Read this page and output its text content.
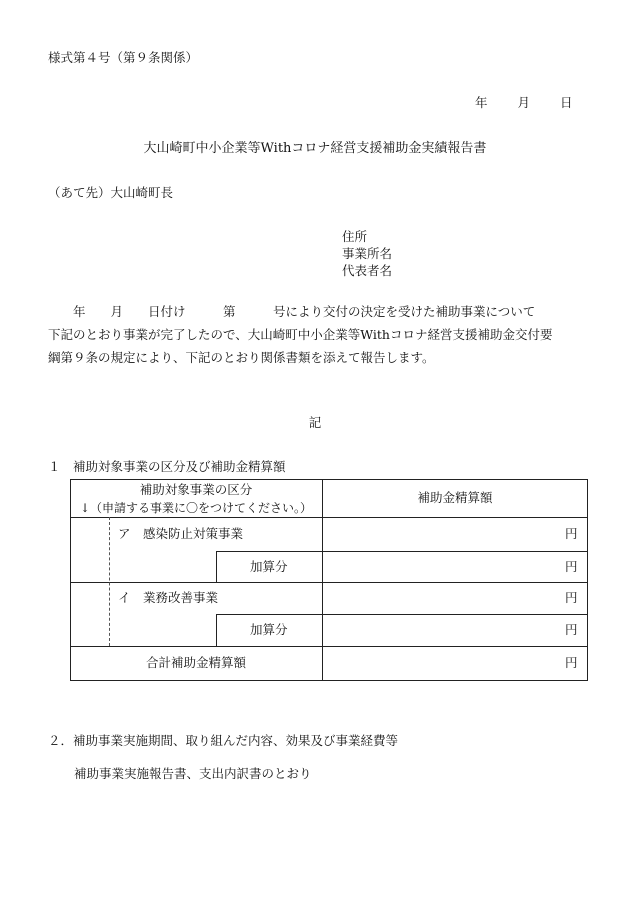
様式第４号（第９条関係）
年 月 日
大山崎町中小企業等Withコロナ経営支援補助金実績報告書
（あて先）大山崎町長
住所
事業所名
代表者名
　　年　　月　　日付け　　　第　　　号により交付の決定を受けた補助事業について
下記のとおり事業が完了したので、大山崎町中小企業等Withコロナ経営支援補助金交付要
綱第９条の規定により、下記のとおり関係書類を添えて報告します。
記
１　補助対象事業の区分及び補助金精算額
補助対象事業の区分
↓（申請する事業に〇をつけてください。）
補助金精算額
ア　感染防止対策事業	円
加算分	円
イ　業務改善事業	円
加算分	円
合計補助金精算額	円
２．補助事業実施期間、取り組んだ内容、効果及び事業経費等
補助事業実施報告書、支出内訳書のとおり
